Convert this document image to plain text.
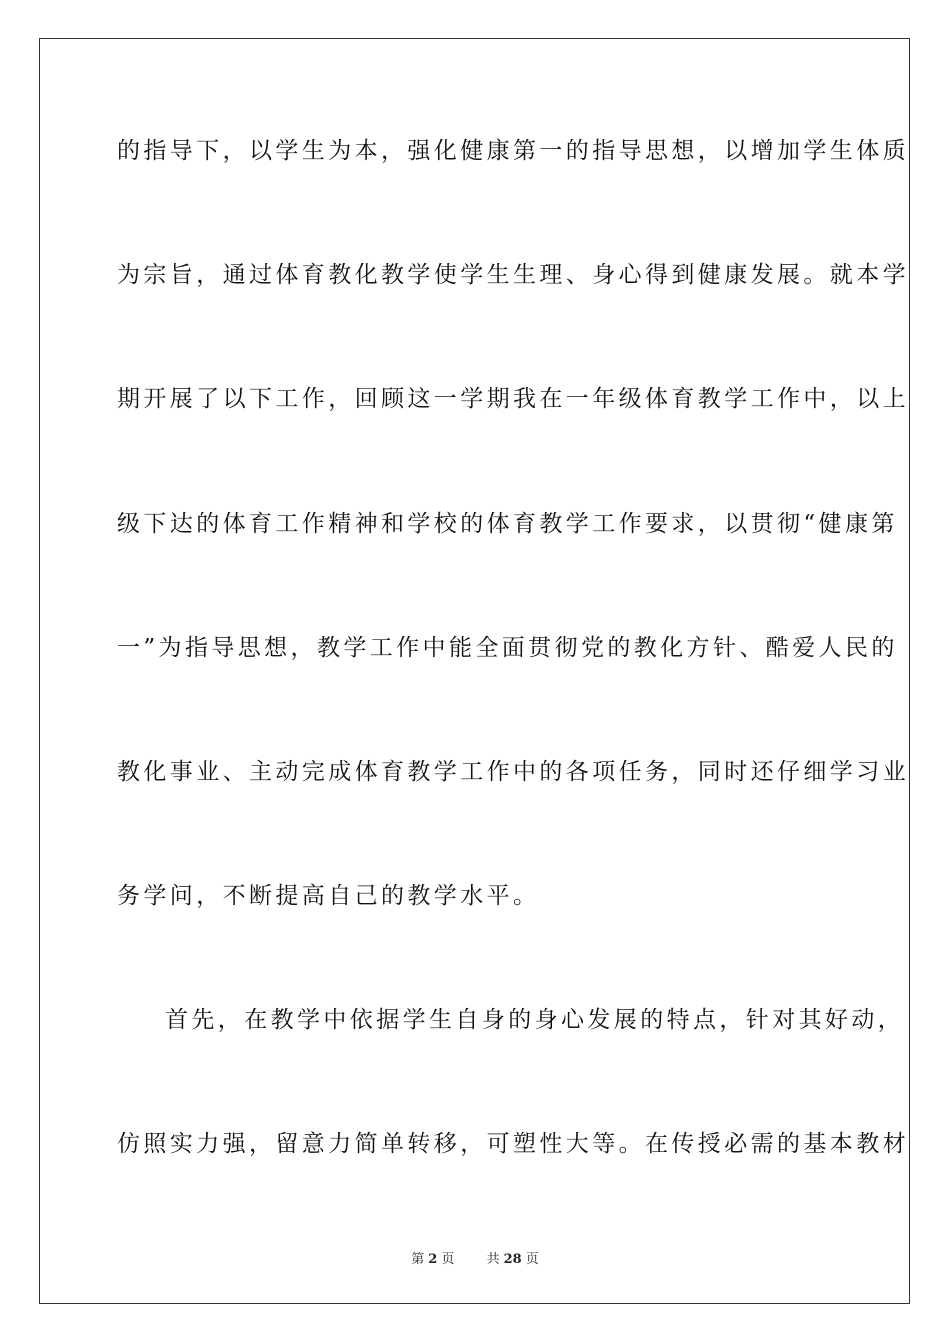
的指导下，以学生为本，强化健康第一的指导思想，以增加学生体质
为宗旨，通过体育教化教学使学生生理、身心得到健康发展。就本学
期开展了以下工作，回顾这一学期我在一年级体育教学工作中，以上
级下达的体育工作精神和学校的体育教学工作要求，以贯彻“健康第
一”为指导思想，教学工作中能全面贯彻党的教化方针、酷爱人民的
教化事业、主动完成体育教学工作中的各项任务，同时还仔细学习业
务学问，不断提高自己的教学水平。
首先，在教学中依据学生自身的身心发展的特点，针对其好动，
仿照实力强，留意力简单转移，可塑性大等。在传授必需的基本教材
第 2 页 共 28 页
